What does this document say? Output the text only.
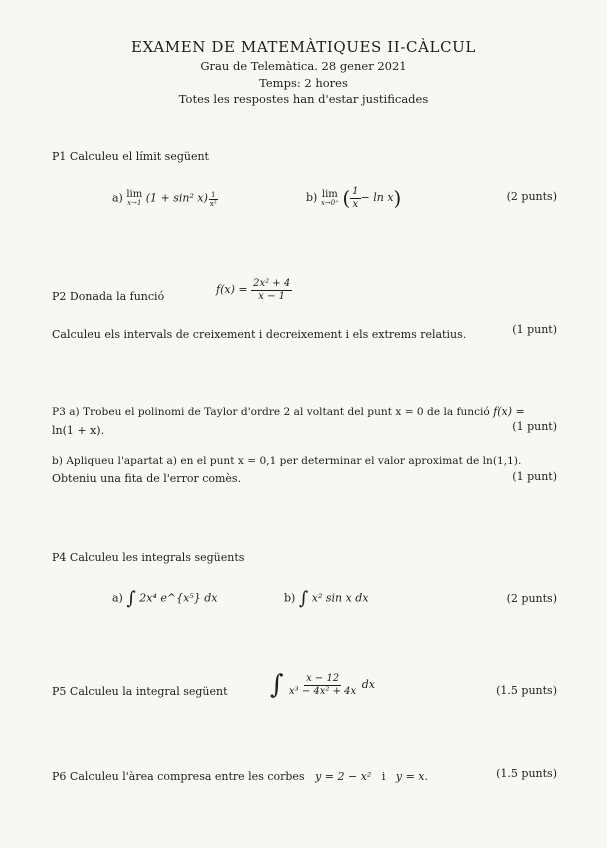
EXAMEN DE MATEMÀTIQUES II-CÀLCUL
Grau de Telemàtica. 28 gener 2021
Temps: 2 hores
Totes les respostes han d'estar justificades
P1 Calculeu el límit següent
a) lim
x→1 (1 + sin² $x) \frac{1}{\text{x²}}$	b) lim
x→0⁺ ( $\frac{1}{x} - \ln x$)	(2 punts)
P2 Donada la funció
$f(x) = \frac{\text{2x² + 4}}{x - 1}$
Calculeu els intervals de creixement i decreixement i els extrems relatius.	(1 punt)
P3 a) Trobeu el polinomi de Taylor d'ordre 2 al voltant del punt x = 0 de la funció f(x) =
ln(1 + x).	(1 punt)
b) Apliqueu l'apartat a) en el punt x = 0,1 per determinar el valor aproximat de ln(1,1).
Obteniu una fita de l'error comès.	(1 punt)
P4 Calculeu les integrals següents
a) ∫ 2x⁴ e^{x⁵} dx	b) ∫ x² sin x dx	(2 punts)
P5 Calculeu la integral següent ∫ $\frac{x - 12}{\text{x³ − 4x² + 4x}}$ dx	(1.5 punts)
P6 Calculeu l'àrea compresa entre les corbes y = 2 − x² i y = x.	(1.5 punts)
